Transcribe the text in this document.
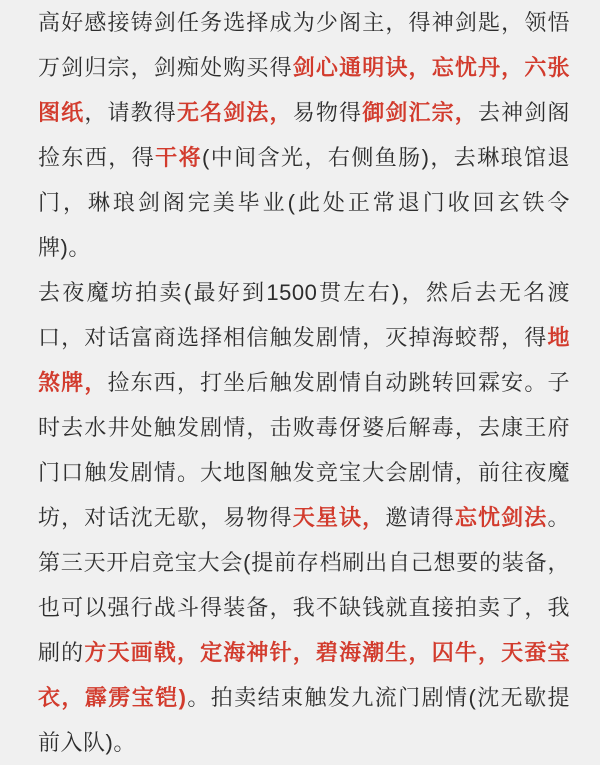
高好感接铸剑任务选择成为少阁主，得神剑匙，领悟万剑归宗，剑痴处购买得剑心通明诀，忘忧丹，六张图纸，请教得无名剑法，易物得御剑汇宗，去神剑阁捡东西，得干将(中间含光，右侧鱼肠)，去琳琅馆退门，琳琅剑阁完美毕业(此处正常退门收回玄铁令牌)。

去夜魔坊拍卖(最好到1500贯左右)，然后去无名渡口，对话富商选择相信触发剧情，灭掉海蛟帮，得地煞牌，捡东西，打坐后触发剧情自动跳转回霖安。子时去水井处触发剧情，击败毒伢婆后解毒，去康王府门口触发剧情。大地图触发竞宝大会剧情，前往夜魔坊，对话沈无歇，易物得天星诀，邀请得忘忧剑法。第三天开启竞宝大会(提前存档刷出自己想要的装备，也可以强行战斗得装备，我不缺钱就直接拍卖了，我刷的方天画戟，定海神针，碧海潮生，囚牛，天蚕宝衣，霹雳宝铠)。拍卖结束触发九流门剧情(沈无歇提前入队)。
